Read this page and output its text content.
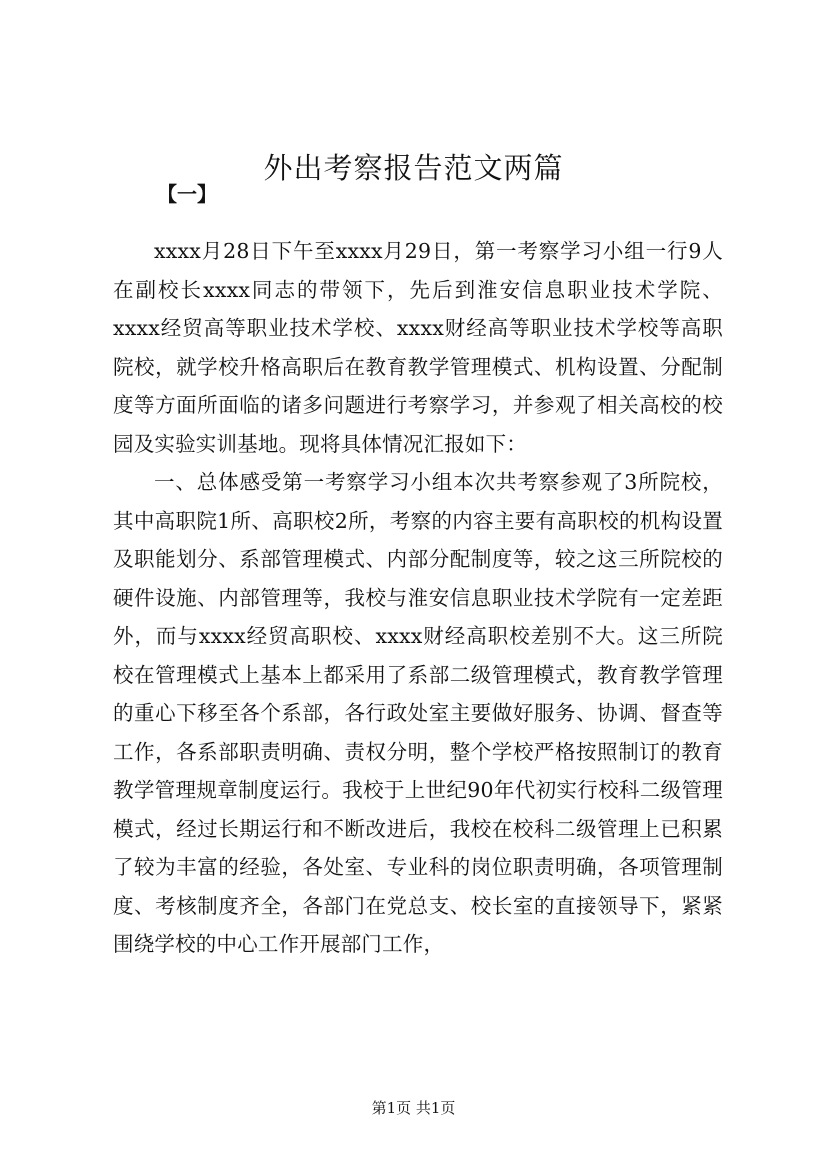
外出考察报告范文两篇
【一】

xxxx月28日下午至xxxx月29日，第一考察学习小组一行9人在副校长xxxx同志的带领下，先后到淮安信息职业技术学院、xxxx经贸高等职业技术学校、xxxx财经高等职业技术学校等高职院校，就学校升格高职后在教育教学管理模式、机构设置、分配制度等方面所面临的诸多问题进行考察学习，并参观了相关高校的校园及实验实训基地。现将具体情况汇报如下：

一、总体感受第一考察学习小组本次共考察参观了3所院校，其中高职院1所、高职校2所，考察的内容主要有高职校的机构设置及职能划分、系部管理模式、内部分配制度等，较之这三所院校的硬件设施、内部管理等，我校与淮安信息职业技术学院有一定差距外，而与xxxx经贸高职校、xxxx财经高职校差别不大。这三所院校在管理模式上基本上都采用了系部二级管理模式，教育教学管理的重心下移至各个系部，各行政处室主要做好服务、协调、督查等工作，各系部职责明确、责权分明，整个学校严格按照制订的教育教学管理规章制度运行。我校于上世纪90年代初实行校科二级管理模式，经过长期运行和不断改进后，我校在校科二级管理上已积累了较为丰富的经验，各处室、专业科的岗位职责明确，各项管理制度、考核制度齐全，各部门在党总支、校长室的直接领导下，紧紧围绕学校的中心工作开展部门工作，

第1页 共1页
